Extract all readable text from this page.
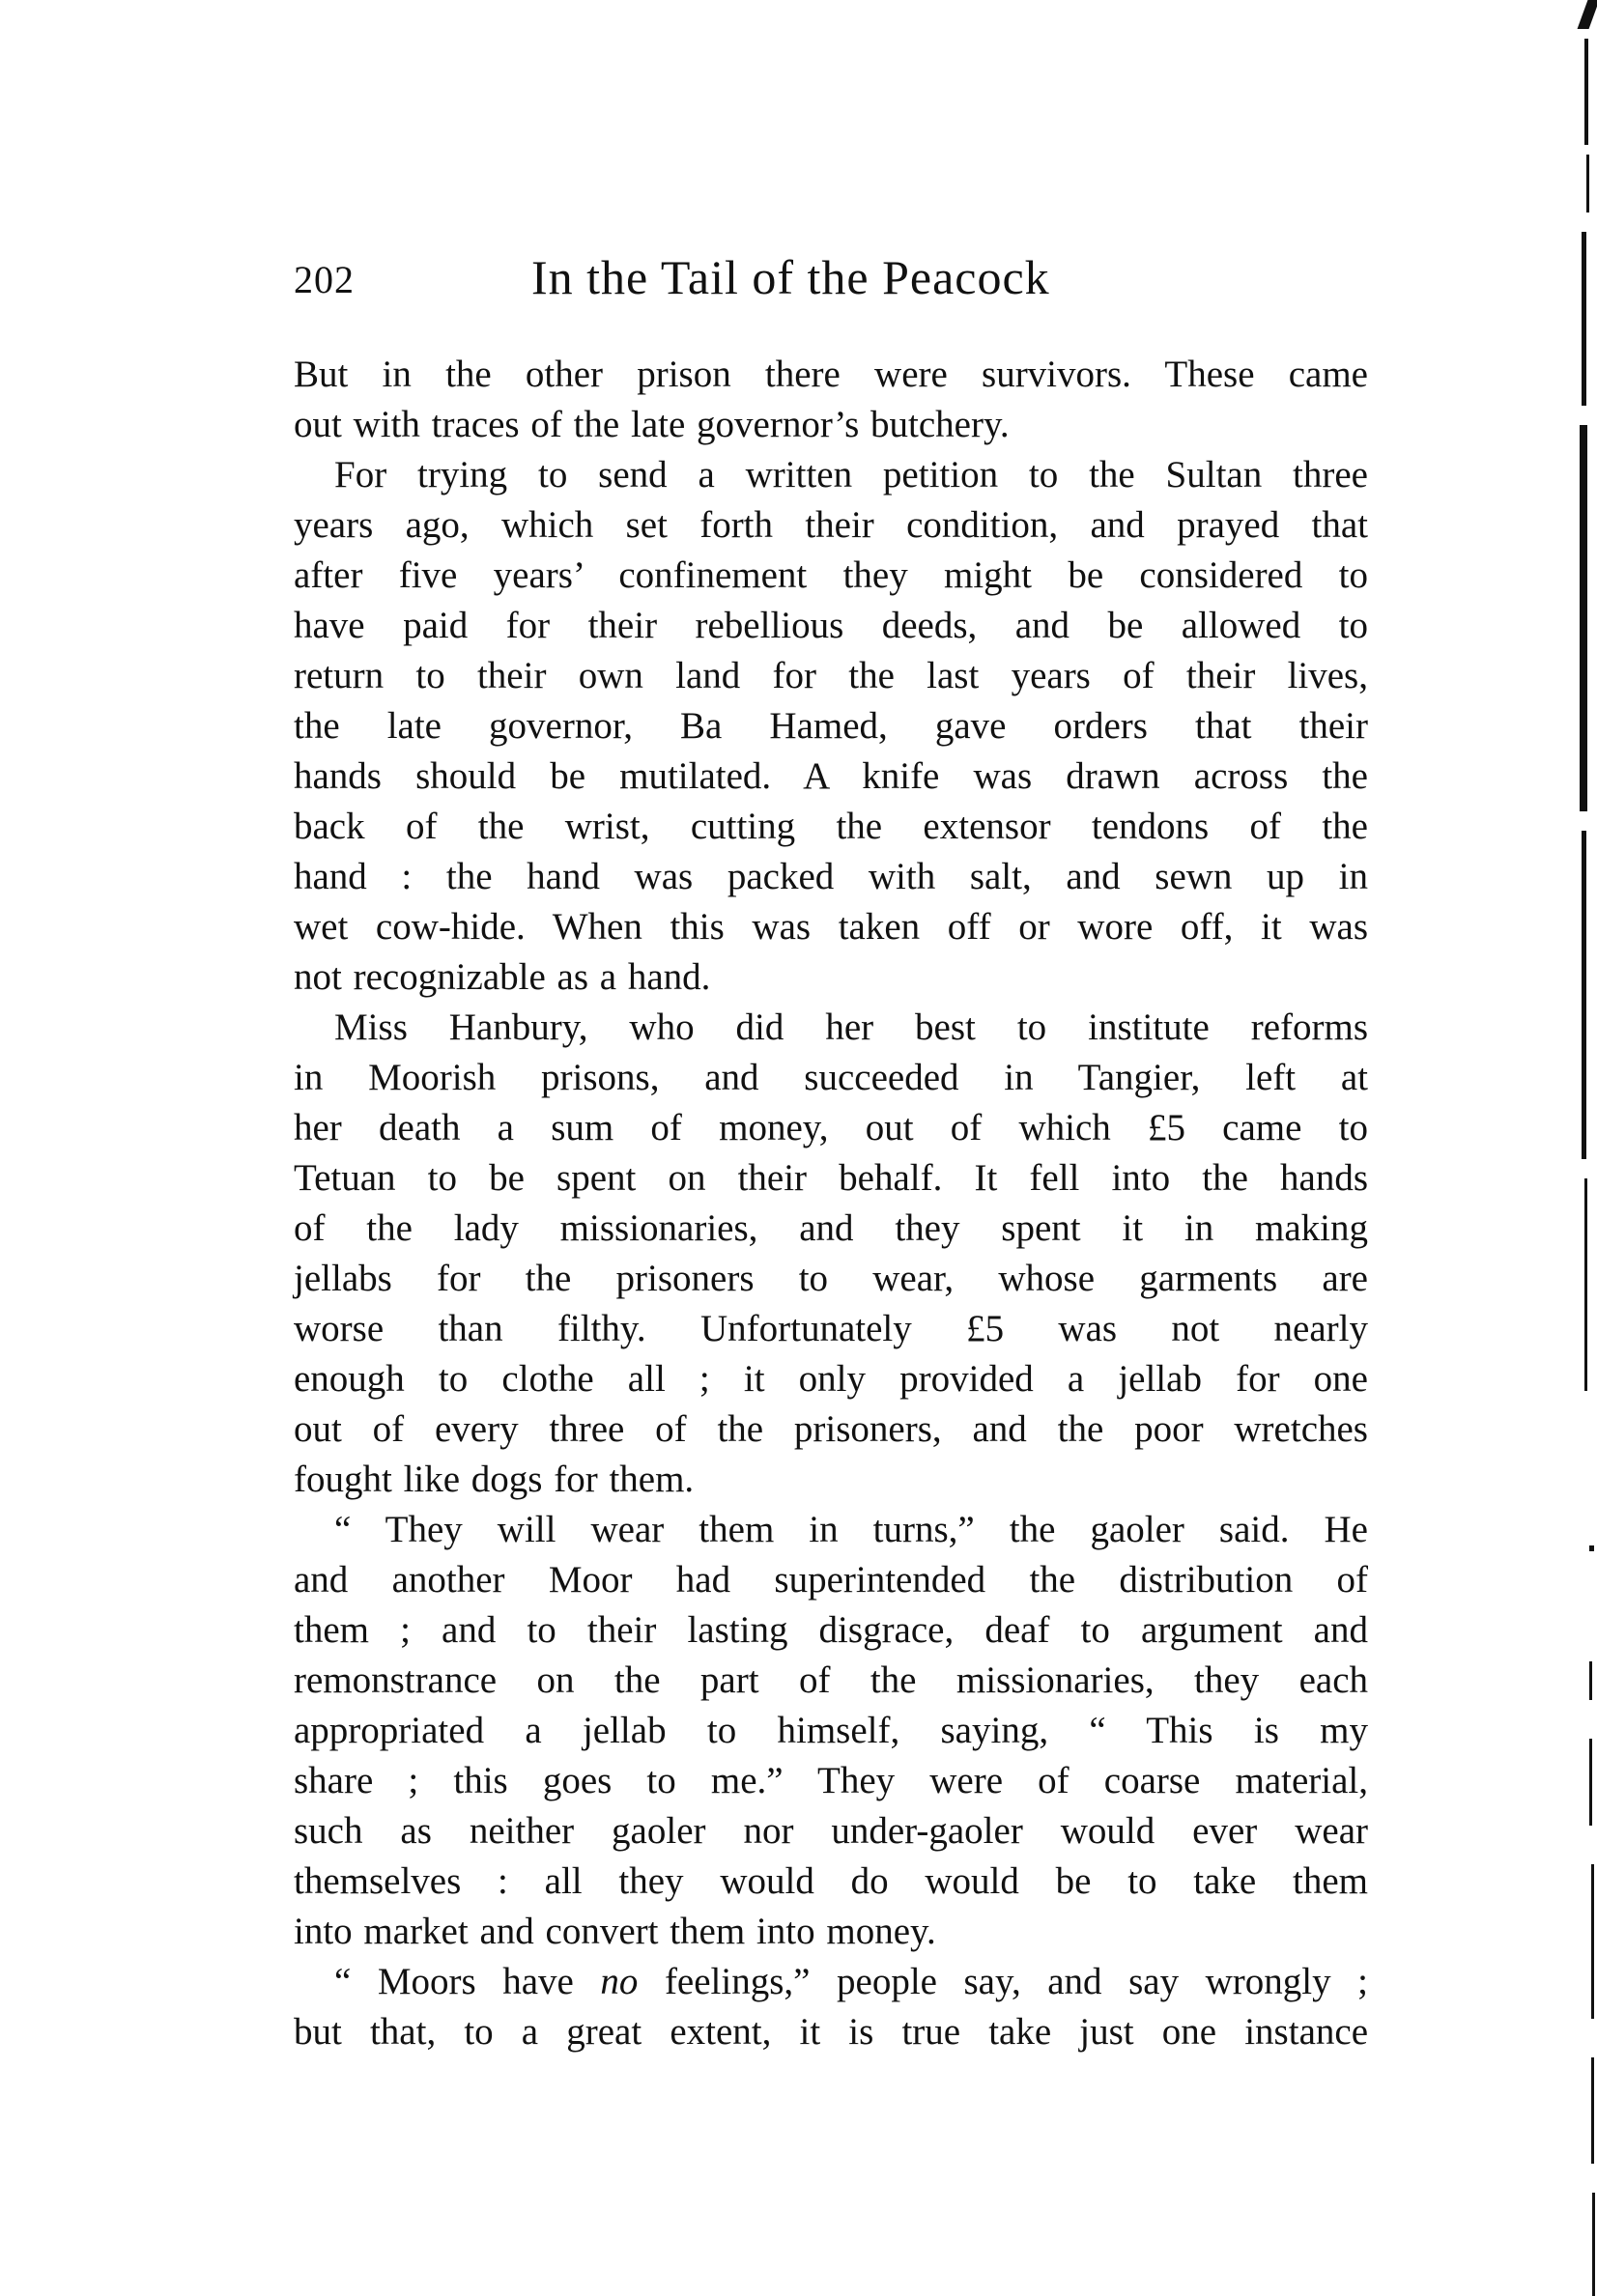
202	In the Tail of the Peacock
But in the other prison there were survivors. These came
out with traces of the late governor’s butchery.
For trying to send a written petition to the Sultan three
years ago, which set forth their condition, and prayed that
after five years’ confinement they might be considered to
have paid for their rebellious deeds, and be allowed to
return to their own land for the last years of their lives,
the late governor, Ba Hamed, gave orders that their
hands should be mutilated. A knife was drawn across the
back of the wrist, cutting the extensor tendons of the
hand : the hand was packed with salt, and sewn up in
wet cow-hide. When this was taken off or wore off, it was
not recognizable as a hand.
Miss Hanbury, who did her best to institute reforms
in Moorish prisons, and succeeded in Tangier, left at
her death a sum of money, out of which £5 came to
Tetuan to be spent on their behalf. It fell into the hands
of the lady missionaries, and they spent it in making
jellabs for the prisoners to wear, whose garments are
worse than filthy. Unfortunately £5 was not nearly
enough to clothe all ; it only provided a jellab for one
out of every three of the prisoners, and the poor wretches
fought like dogs for them.
“ They will wear them in turns,” the gaoler said. He
and another Moor had superintended the distribution of
them ; and to their lasting disgrace, deaf to argument and
remonstrance on the part of the missionaries, they each
appropriated a jellab to himself, saying, “ This is my
share ; this goes to me.” They were of coarse material,
such as neither gaoler nor under-gaoler would ever wear
themselves : all they would do would be to take them
into market and convert them into money.
“ Moors have no feelings,” people say, and say wrongly ;
but that, to a great extent, it is true take just one instance
